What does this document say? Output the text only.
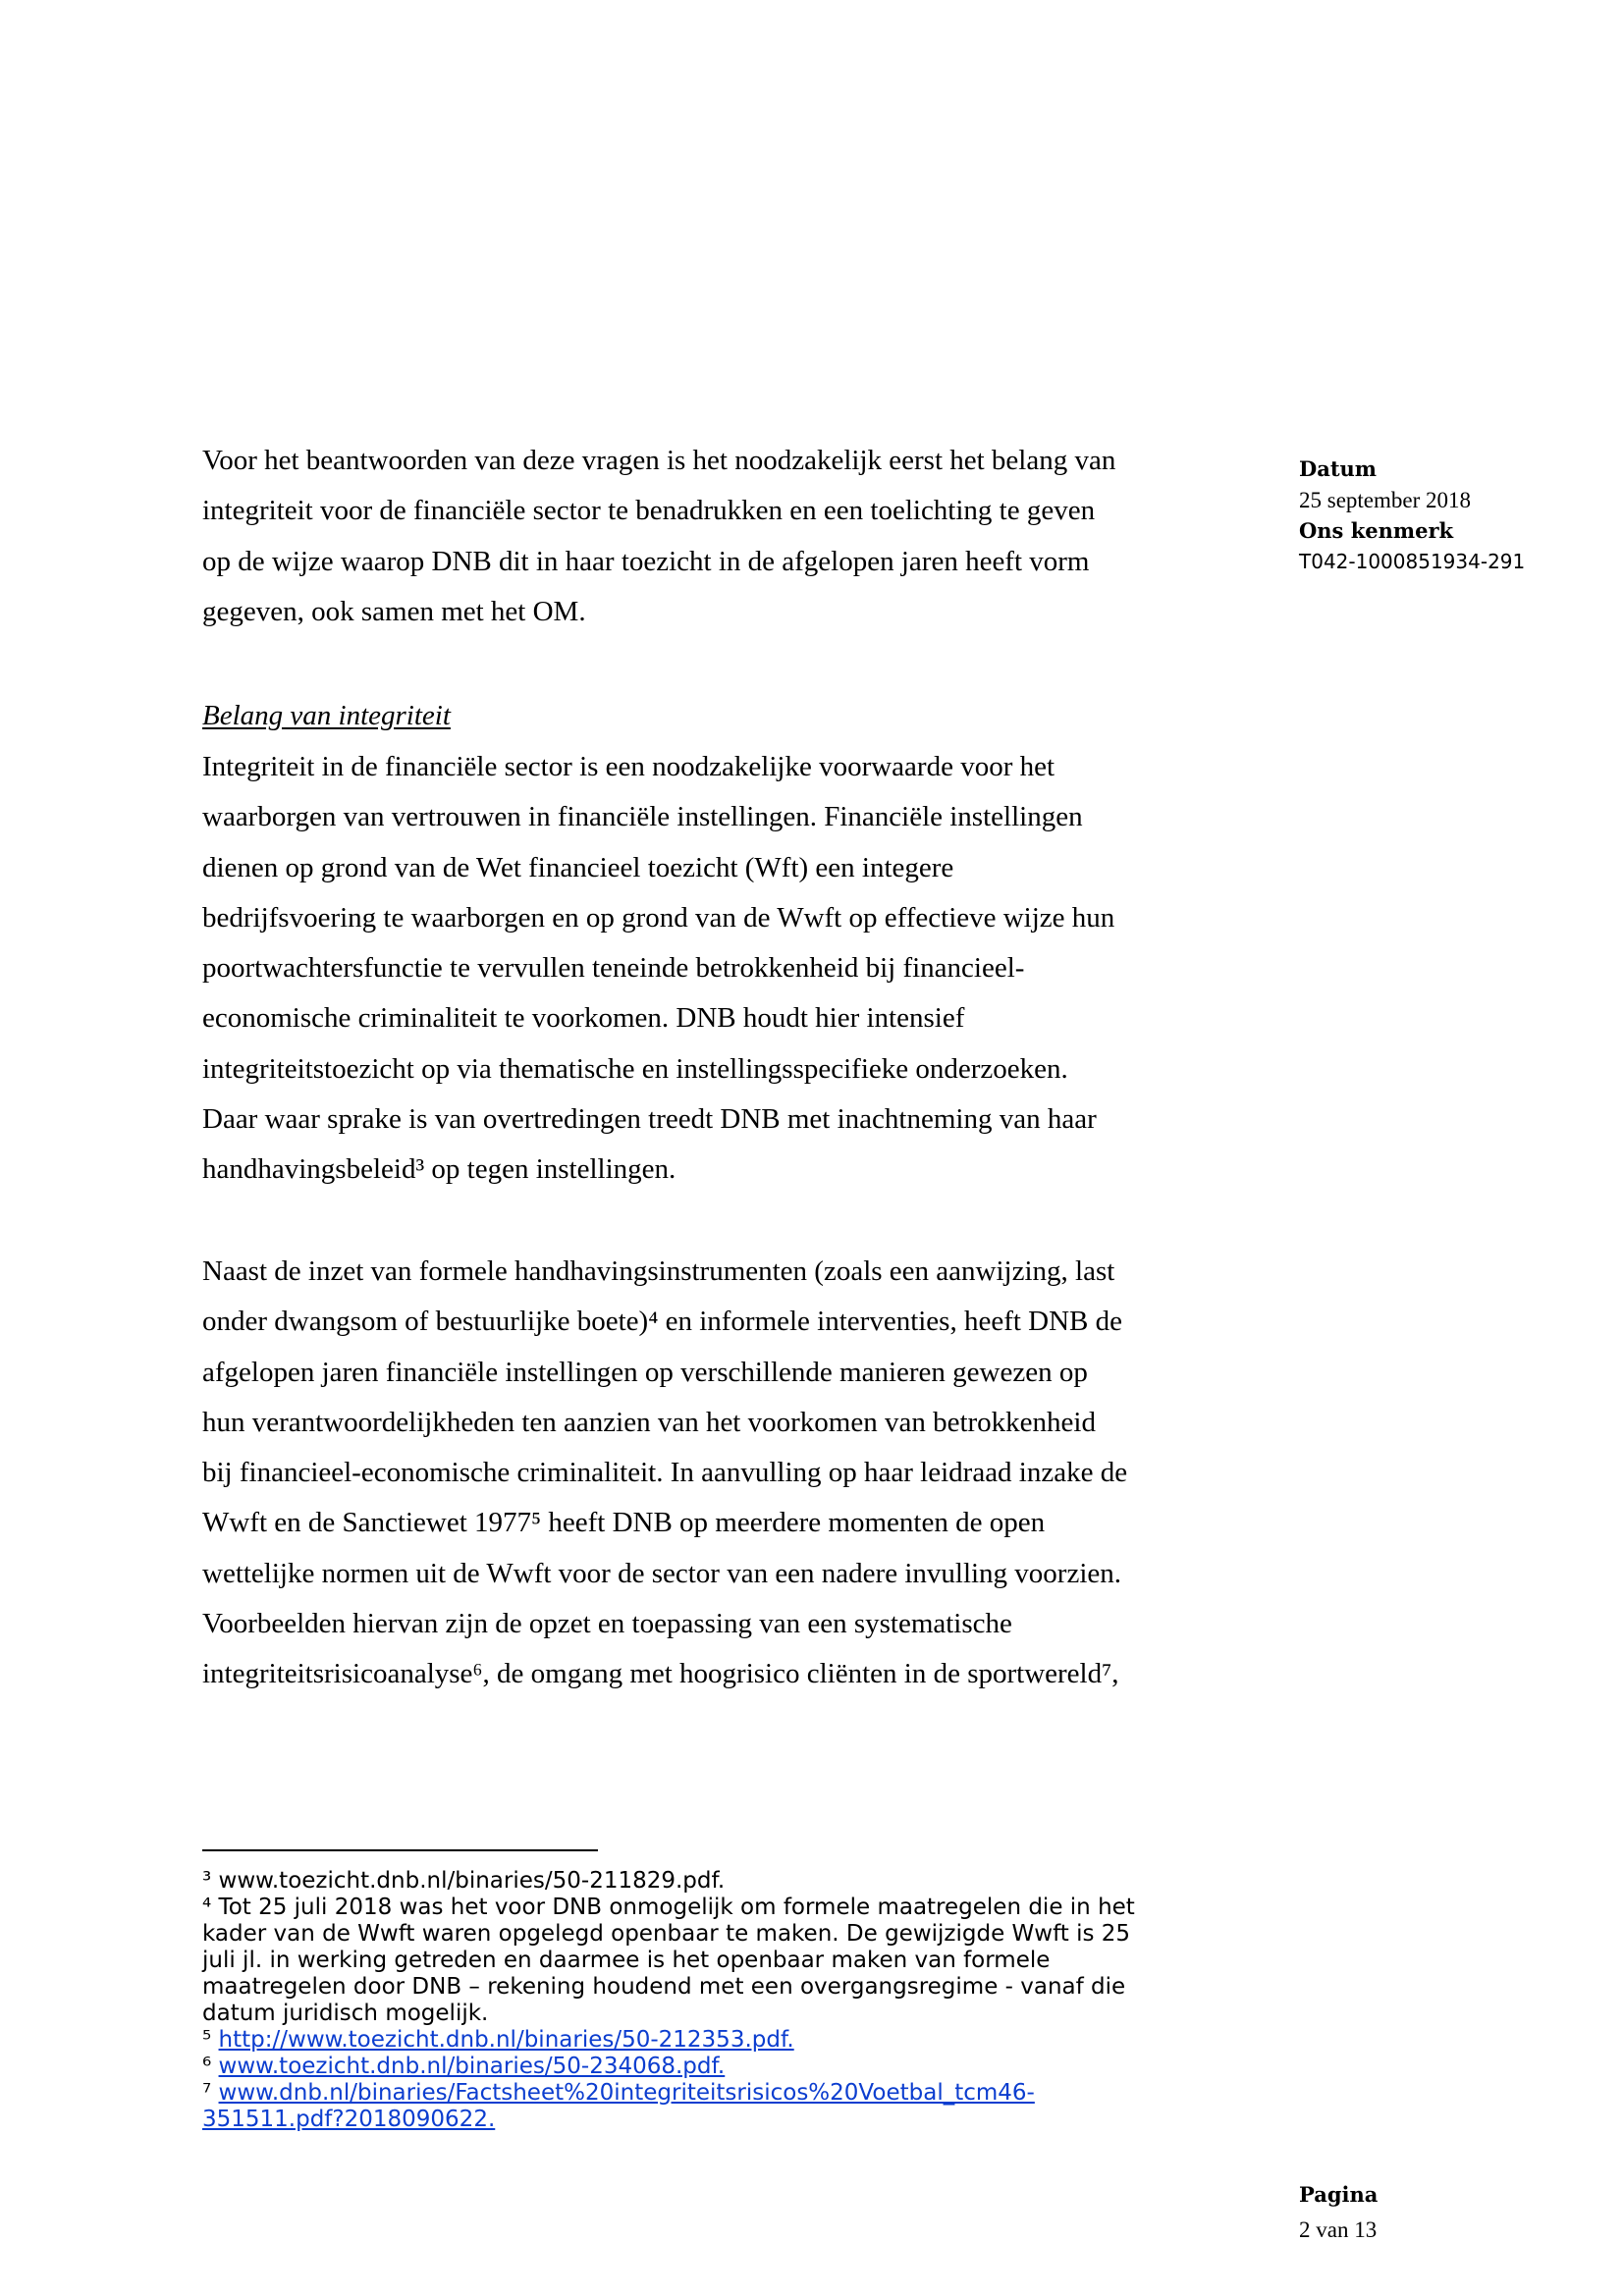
Datum
25 september 2018
Ons kenmerk
T042-1000851934-291
Voor het beantwoorden van deze vragen is het noodzakelijk eerst het belang van
integriteit voor de financiële sector te benadrukken en een toelichting te geven
op de wijze waarop DNB dit in haar toezicht in de afgelopen jaren heeft vorm
gegeven, ook samen met het OM.
Belang van integriteit
Integriteit in de financiële sector is een noodzakelijke voorwaarde voor het
waarborgen van vertrouwen in financiële instellingen. Financiële instellingen
dienen op grond van de Wet financieel toezicht (Wft) een integere
bedrijfsvoering te waarborgen en op grond van de Wwft op effectieve wijze hun
poortwachtersfunctie te vervullen teneinde betrokkenheid bij financieel-
economische criminaliteit te voorkomen. DNB houdt hier intensief
integriteitstoezicht op via thematische en instellingsspecifieke onderzoeken.
Daar waar sprake is van overtredingen treedt DNB met inachtneming van haar
handhavingsbeleid³ op tegen instellingen.
Naast de inzet van formele handhavingsinstrumenten (zoals een aanwijzing, last
onder dwangsom of bestuurlijke boete)⁴ en informele interventies, heeft DNB de
afgelopen jaren financiële instellingen op verschillende manieren gewezen op
hun verantwoordelijkheden ten aanzien van het voorkomen van betrokkenheid
bij financieel-economische criminaliteit. In aanvulling op haar leidraad inzake de
Wwft en de Sanctiewet 1977⁵ heeft DNB op meerdere momenten de open
wettelijke normen uit de Wwft voor de sector van een nadere invulling voorzien.
Voorbeelden hiervan zijn de opzet en toepassing van een systematische
integriteitsrisicoanalyse⁶, de omgang met hoogrisico cliënten in de sportwereld⁷,
³ www.toezicht.dnb.nl/binaries/50-211829.pdf.
⁴ Tot 25 juli 2018 was het voor DNB onmogelijk om formele maatregelen die in het
kader van de Wwft waren opgelegd openbaar te maken. De gewijzigde Wwft is 25
juli jl. in werking getreden en daarmee is het openbaar maken van formele
maatregelen door DNB – rekening houdend met een overgangsregime - vanaf die
datum juridisch mogelijk.
⁵ http://www.toezicht.dnb.nl/binaries/50-212353.pdf.
⁶ www.toezicht.dnb.nl/binaries/50-234068.pdf.
⁷ www.dnb.nl/binaries/Factsheet%20integriteitsrisicos%20Voetbal_tcm46-
351511.pdf?2018090622.
Pagina
2 van 13
